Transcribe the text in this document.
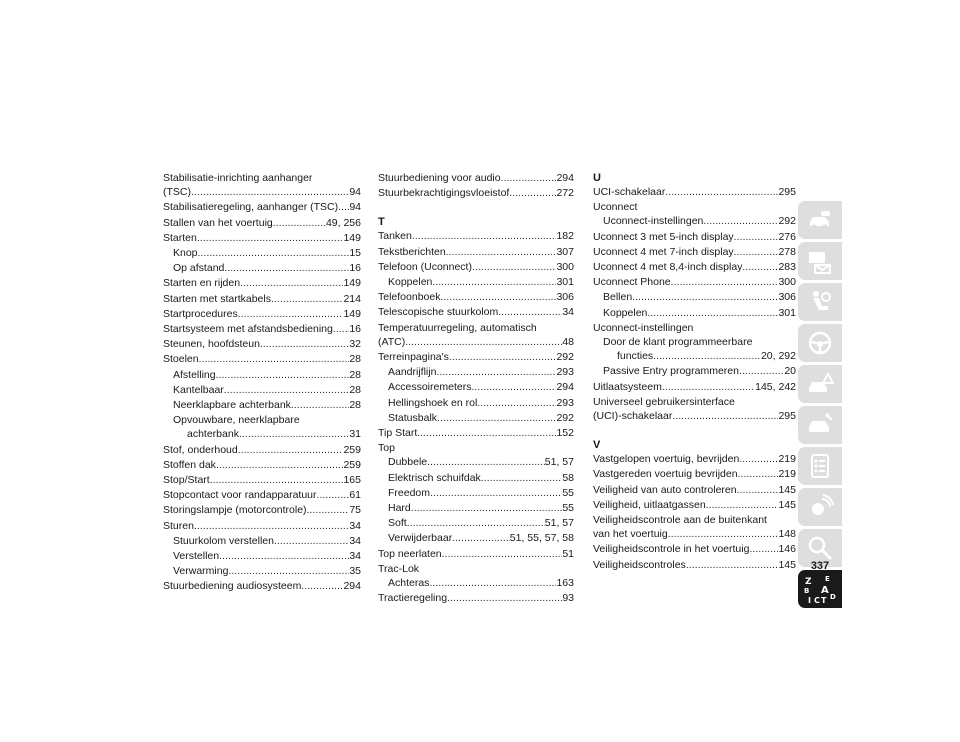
Stabilisatie-inrichting aanhanger
(TSC) .....	94
Stabilisatieregeling, aanhanger (TSC) ..... 94
Stallen van het voertuig .....	49, 256
Starten .....	149
Knop .....	15
Op afstand .....	16
Starten en rijden .....	149
Starten met startkabels .....	214
Startprocedures .....	149
Startsysteem met afstandsbediening ..... 16
Steunen, hoofdsteun .....	32
Stoelen .....	28
Afstelling .....	28
Kantelbaar .....	28
Neerklapbare achterbank .....	28
Opvouwbare, neerklapbare
achterbank .....	31
Stof, onderhoud .....	259
Stoffen dak .....	259
Stop/Start .....	165
Stopcontact voor randapparatuur .....	61
Storingslampje (motorcontrole) .....	75
Sturen .....	34
Stuurkolom verstellen .....	34
Verstellen .....	34
Verwarming .....	35
Stuurbediening audiosysteem .....	294
Stuurbediening voor audio .....	294
Stuurbekrachtigingsvloeistof .....	272
T
Tanken .....	182
Tekstberichten .....	307
Telefoon (Uconnect) .....	300
Koppelen .....	301
Telefoonboek .....	306
Telescopische stuurkolom .....	34
Temperatuurregeling, automatisch
(ATC) .....	48
Terreinpagina's .....	292
Aandrijflijn .....	293
Accessoiremeters .....	294
Hellingshoek en rol .....	293
Statusbalk .....	292
Tip Start .....	152
Top
Dubbele .....	51, 57
Elektrisch schuifdak .....	58
Freedom .....	55
Hard .....	55
Soft .....	51, 57
Verwijderbaar .....	51, 55, 57, 58
Top neerlaten .....	51
Trac-Lok
Achteras .....	163
Tractieregeling .....	93
U
UCI-schakelaar .....	295
Uconnect
Uconnect-instellingen .....	292
Uconnect 3 met 5-inch display .....	276
Uconnect 4 met 7-inch display .....	278
Uconnect 4 met 8,4-inch display .....	283
Uconnect Phone .....	300
Bellen .....	306
Koppelen .....	301
Uconnect-instellingen
Door de klant programmeerbare
functies .....	20, 292
Passive Entry programmeren .....	20
Uitlaatsysteem .....	145, 242
Universeel gebruikersinterface
(UCI)-schakelaar .....	295
V
Vastgelopen voertuig, bevrijden .....	219
Vastgereden voertuig bevrijden .....	219
Veiligheid van auto controleren .....	145
Veiligheid, uitlaatgassen .....	145
Veiligheidscontrole aan de buitenkant
van het voertuig .....	148
Veiligheidscontrole in het voertuig .....	146
Veiligheidscontroles .....	145
Z E
B A
I C T D
337
